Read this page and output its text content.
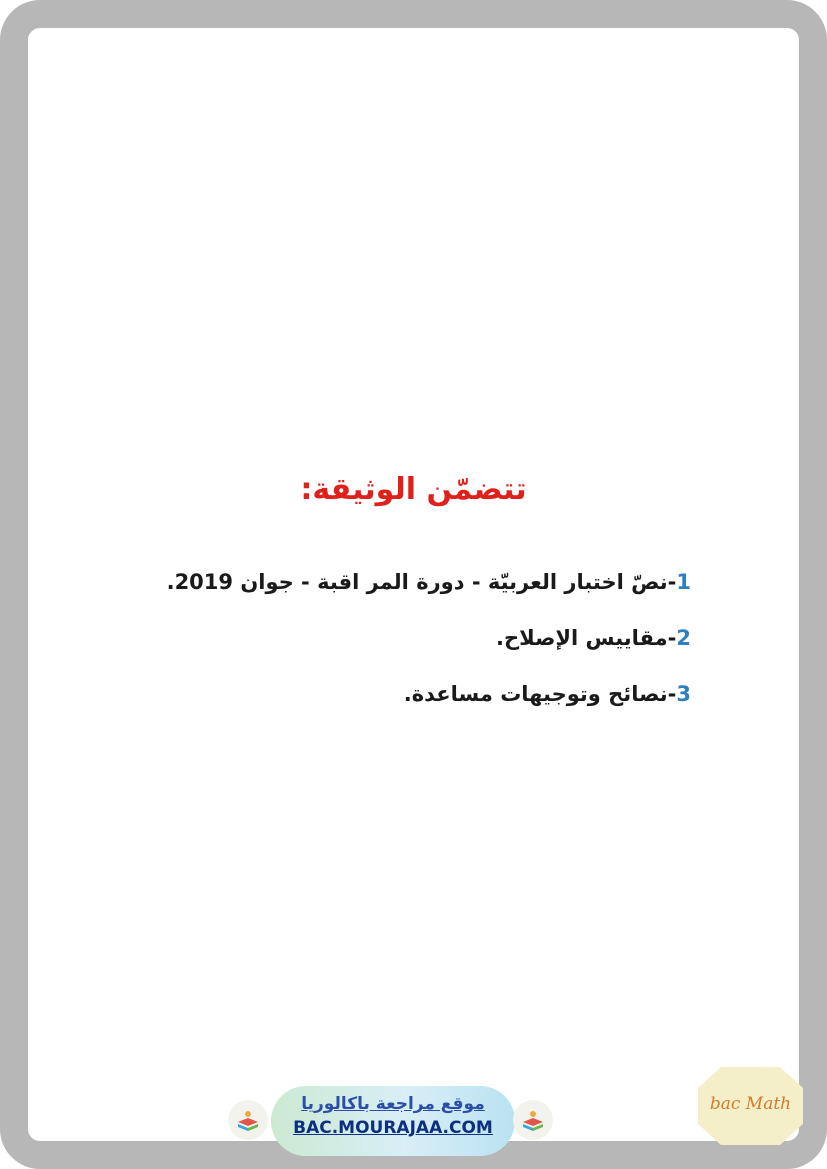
تتضمّن الوثيقة:
1-نصّ اختبار العربيّة - دورة المر اقبة - جوان 2019.
2-مقاييس الإصلاح.
3-نصائح وتوجيهات مساعدة.
موقع مراجعة باكالوريا
BAC.MOURAJAA.COM
bac Math
